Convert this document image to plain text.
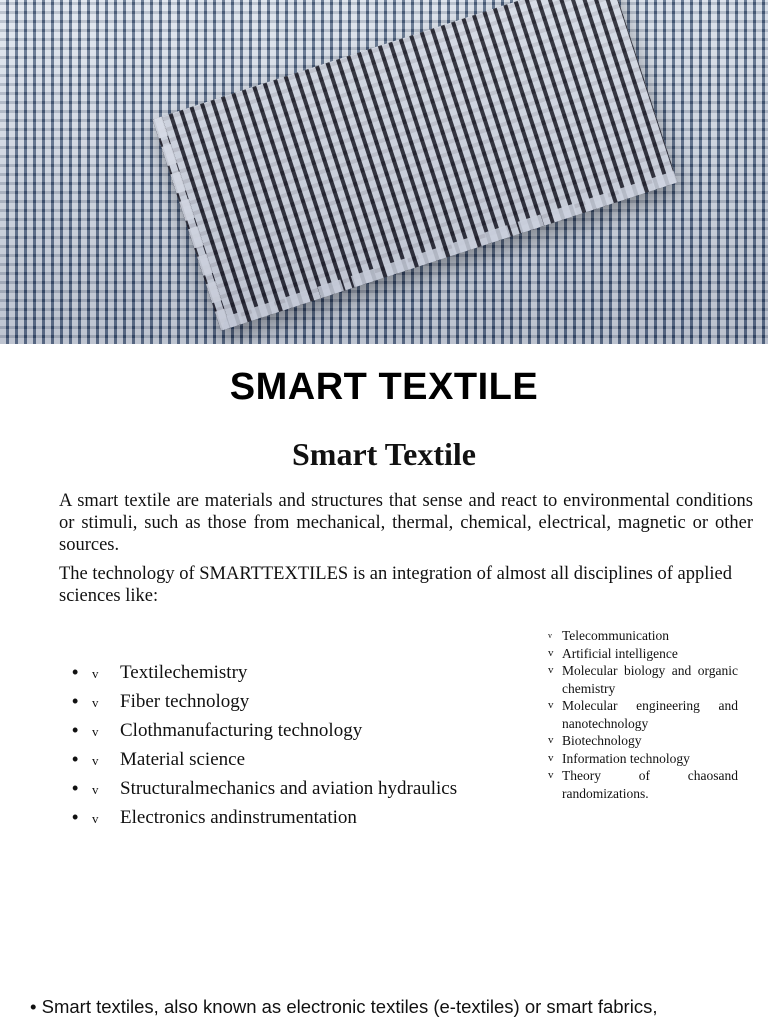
SMART TEXTILE
Smart Textile

A smart textile are materials and structures that sense and react to environmental conditions or stimuli, such as those from mechanical, thermal, chemical, electrical, magnetic or other sources.

The technology of SMARTTEXTILES is an integration of almost all disciplines of applied sciences like:

•	v	Textilechemistry
•	v	Fiber technology
•	v	Clothmanufacturing technology
•	v	Material science
•	v	Structuralmechanics and aviation hydraulics
•	v	Electronics andinstrumentation
v Telecommunication
v Artificial intelligence
v Molecular biology and organic chemistry
v Molecular engineering and nanotechnology
v Biotechnology
v Information technology
v Theory of chaosand randomizations.
• Smart textiles, also known as electronic textiles (e-textiles) or smart fabrics,
